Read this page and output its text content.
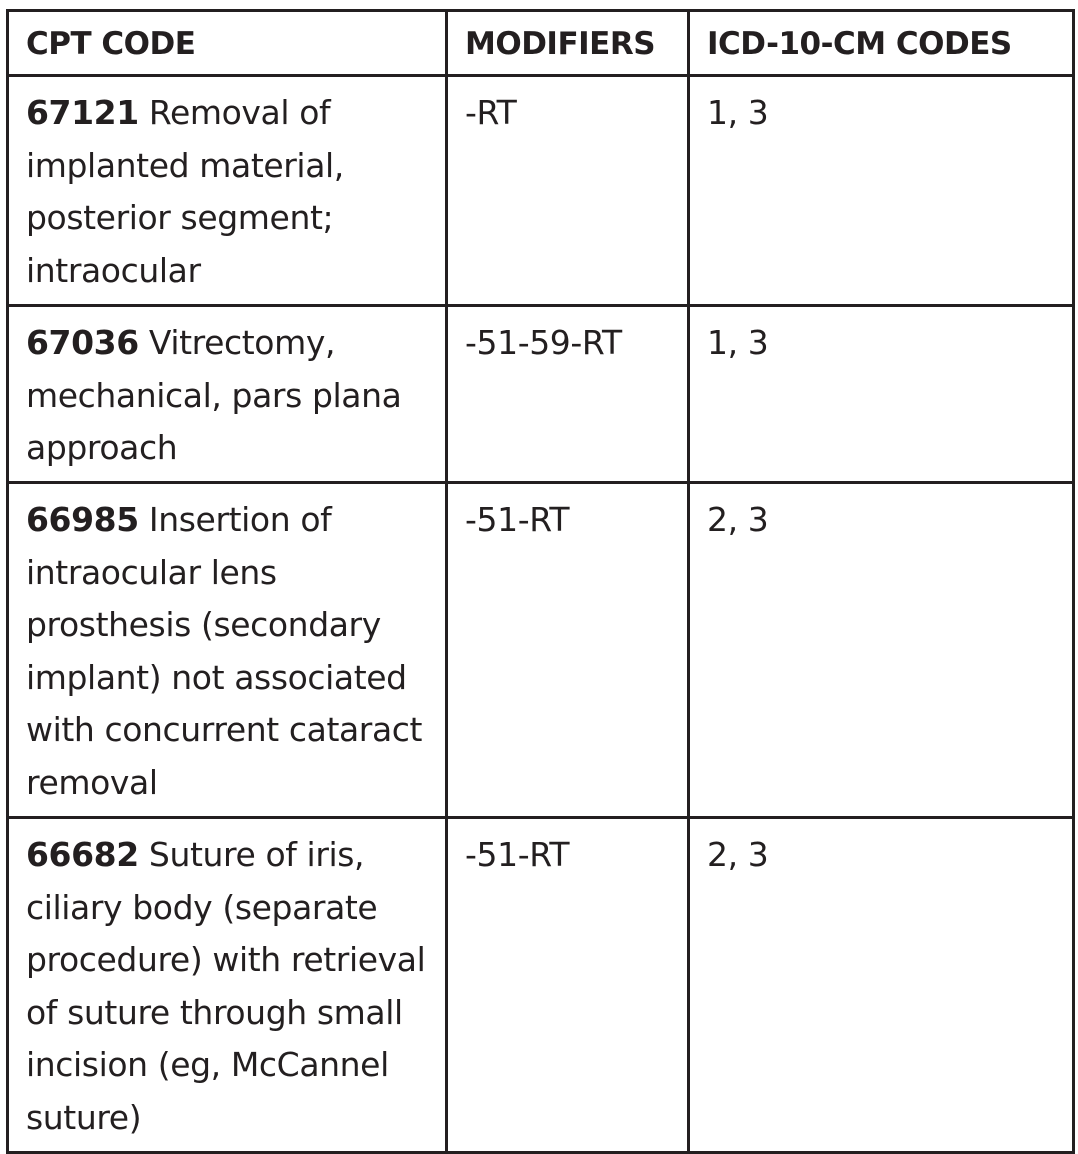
CPT CODE	MODIFIERS	ICD-10-CM CODES
67121 Removal of implanted material, posterior segment; intraocular	-RT	1, 3
67036 Vitrectomy, mechanical, pars plana approach	-51-59-RT	1, 3
66985 Insertion of intraocular lens prosthesis (secondary implant) not associated with concurrent cataract removal	-51-RT	2, 3
66682 Suture of iris, ciliary body (separate procedure) with retrieval of suture through small incision (eg, McCannel suture)	-51-RT	2, 3
